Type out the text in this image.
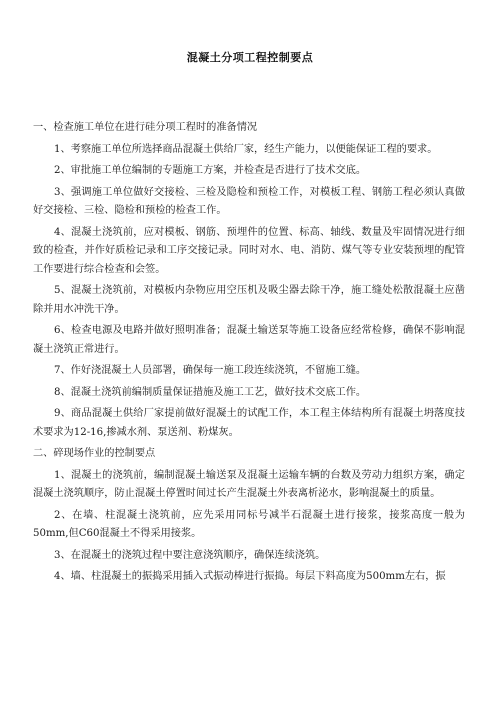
混凝土分项工程控制要点

一、检查施工单位在进行硅分项工程时的准备情况

1、考察施工单位所选择商品混凝土供给厂家，经生产能力，以便能保证工程的要求。

2、审批施工单位编制的专题施工方案，并检查是否进行了技术交底。

3、强调施工单位做好交接检、三检及隐检和预检工作，对模板工程、钢筋工程必须认真做好交接检、三检、隐检和预检的检查工作。

4、混凝土浇筑前，应对模板、钢筋、预埋件的位置、标高、轴线、数量及牢固情况进行细致的检查，并作好质检记录和工序交接记录。同时对水、电、消防、煤气等专业安装预埋的配管工作要进行综合检查和会签。

5、混凝土浇筑前，对模板内杂物应用空压机及吸尘器去除干净，施工缝处松散混凝土应凿除并用水冲洗干净。

6、检查电源及电路并做好照明准备；混凝土输送泵等施工设备应经常检修，确保不影响混凝土浇筑正常进行。

7、作好浇混凝土人员部署，确保每一施工段连续浇筑，不留施工缝。

8、混凝土浇筑前编制质量保证措施及施工工艺，做好技术交底工作。

9、商品混凝土供给厂家提前做好混凝土的试配工作，本工程主体结构所有混凝土坍落度技术要求为12-16,掺减水剂、泵送剂、粉煤灰。

二、碎现场作业的控制要点

1、混凝土的浇筑前，编制混凝土输送泵及混凝土运输车辆的台数及劳动力组织方案，确定混凝土浇筑顺序，防止混凝土停置时间过长产生混凝土外表离析泌水，影响混凝土的质量。

2、在墙、柱混凝土浇筑前，应先采用同标号减半石混凝土进行接浆，接浆高度一般为50mm,但C60混凝土不得采用接浆。

3、在混凝土的浇筑过程中要注意浇筑顺序，确保连续浇筑。

4、墙、柱混凝土的振捣采用插入式振动棒进行振捣。每层下料高度为500mm左右，振
